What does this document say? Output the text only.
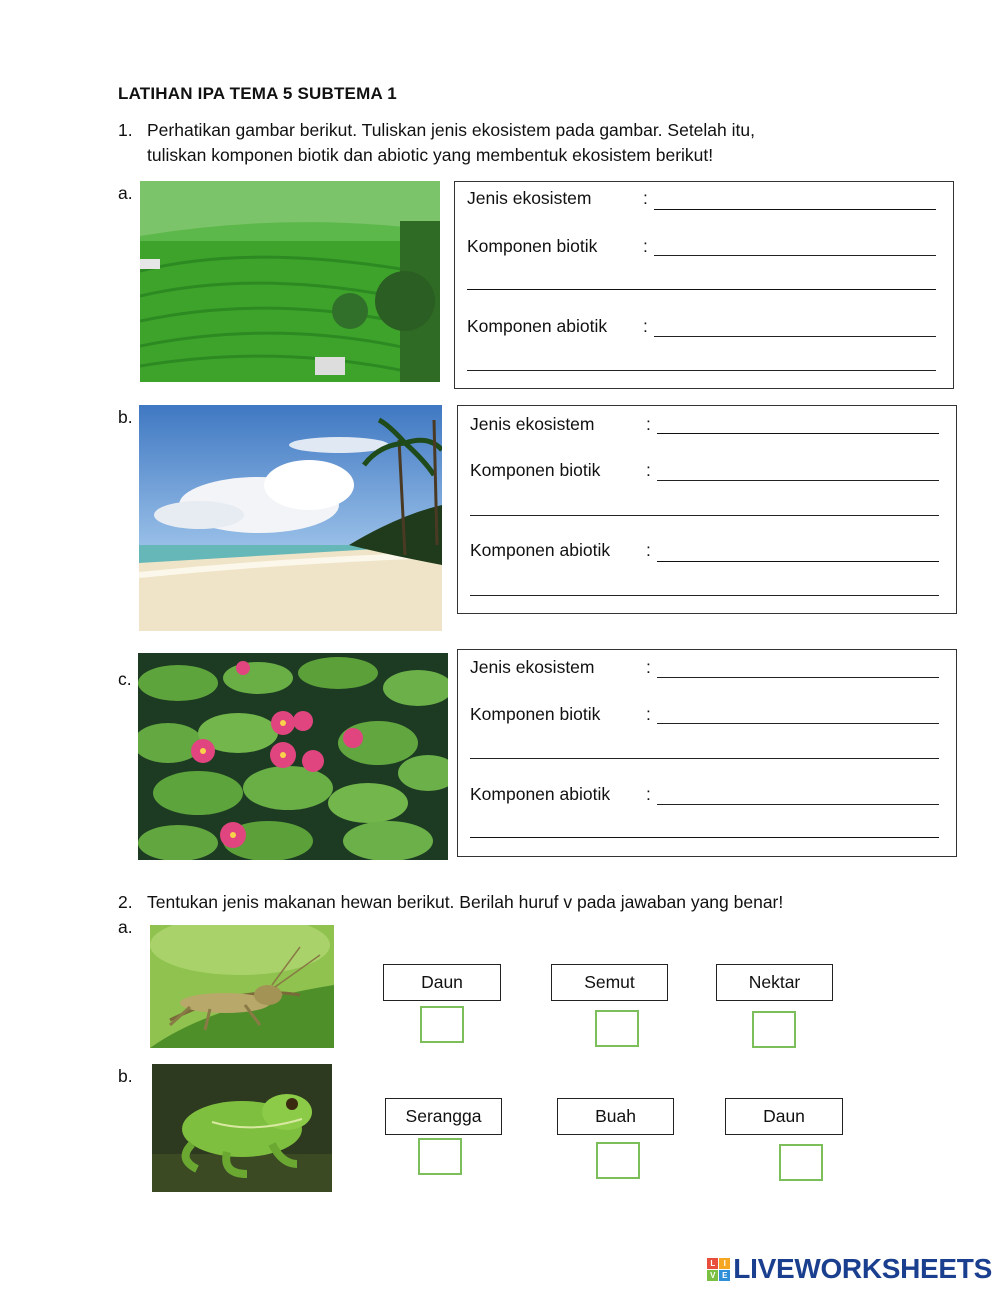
LATIHAN IPA TEMA 5 SUBTEMA 1
1. Perhatikan gambar berikut. Tuliskan jenis ekosistem pada gambar. Setelah itu,
tuliskan komponen biotik dan abiotic yang membentuk ekosistem berikut!
a.	Jenis ekosistem	:
Komponen biotik	:
Komponen abiotik :
b.	Jenis ekosistem	:
Komponen biotik	:
Komponen abiotik :
c.
Jenis ekosistem	:
Komponen biotik	:
Komponen abiotik :
2. Tentukan jenis makanan hewan berikut. Berilah huruf v pada jawaban yang benar!
a.
Daun	Semut	Nektar
b.
Serangga	Buah	Daun
L	I
V E LIVEWORKSHEETS
